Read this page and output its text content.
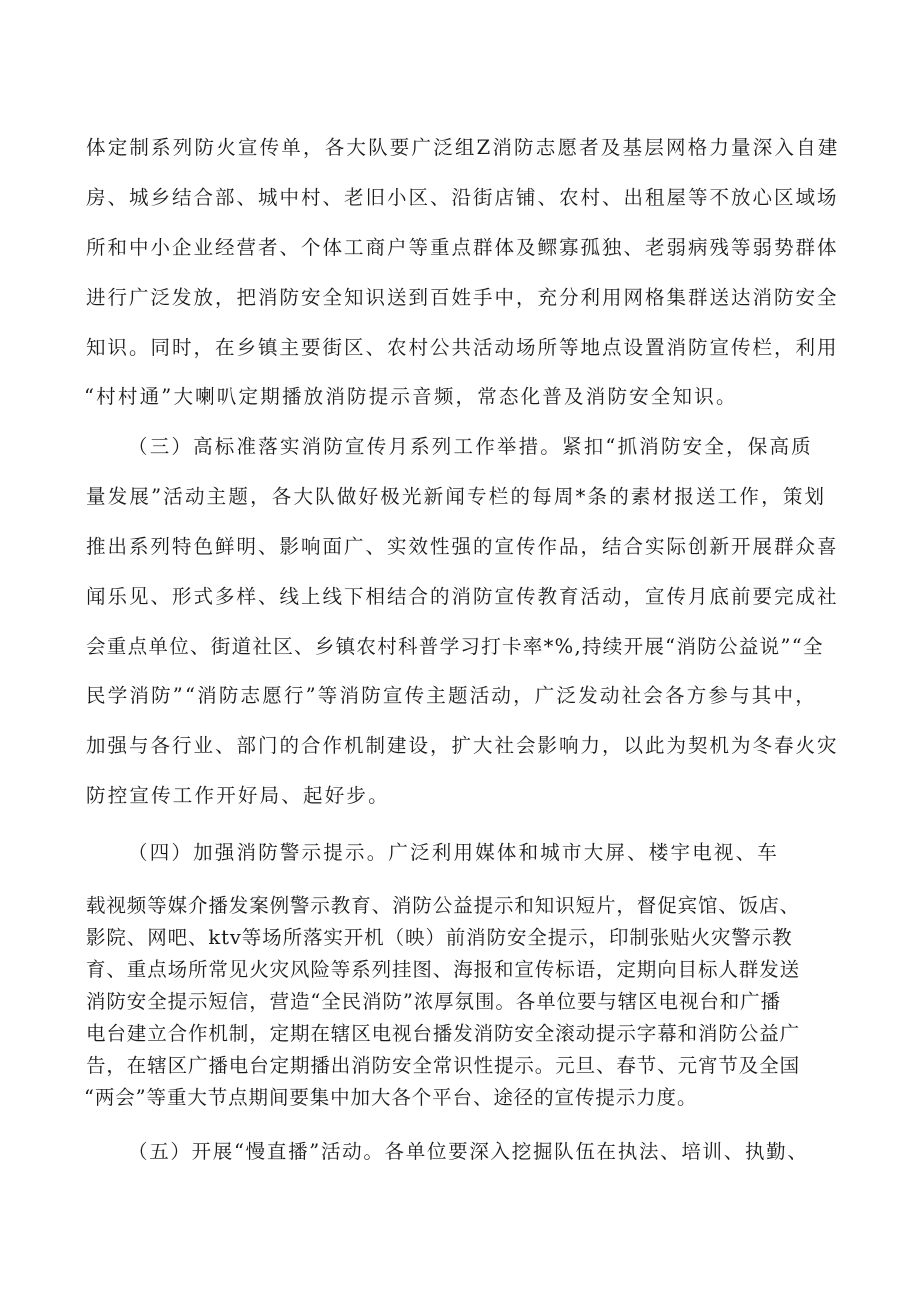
体定制系列防火宣传单，各大队要广泛组Z消防志愿者及基层网格力量深入自建
房、城乡结合部、城中村、老旧小区、沿街店铺、农村、出租屋等不放心区域场
所和中小企业经营者、个体工商户等重点群体及鳏寡孤独、老弱病残等弱势群体
进行广泛发放，把消防安全知识送到百姓手中，充分利用网格集群送达消防安全
知识。同时，在乡镇主要街区、农村公共活动场所等地点设置消防宣传栏，利用
“村村通”大喇叭定期播放消防提示音频，常态化普及消防安全知识。
（三）高标准落实消防宣传月系列工作举措。紧扣“抓消防安全，保高质
量发展”活动主题，各大队做好极光新闻专栏的每周*条的素材报送工作，策划
推出系列特色鲜明、影响面广、实效性强的宣传作品，结合实际创新开展群众喜
闻乐见、形式多样、线上线下相结合的消防宣传教育活动，宣传月底前要完成社
会重点单位、街道社区、乡镇农村科普学习打卡率*%,持续开展“消防公益说”“全
民学消防”“消防志愿行”等消防宣传主题活动，广泛发动社会各方参与其中，
加强与各行业、部门的合作机制建设，扩大社会影响力，以此为契机为冬春火灾
防控宣传工作开好局、起好步。
（四）加强消防警示提示。广泛利用媒体和城市大屏、楼宇电视、车
载视频等媒介播发案例警示教育、消防公益提示和知识短片，督促宾馆、饭店、
影院、网吧、ktv等场所落实开机（映）前消防安全提示，印制张贴火灾警示教
育、重点场所常见火灾风险等系列挂图、海报和宣传标语，定期向目标人群发送
消防安全提示短信，营造“全民消防”浓厚氛围。各单位要与辖区电视台和广播
电台建立合作机制，定期在辖区电视台播发消防安全滚动提示字幕和消防公益广
告，在辖区广播电台定期播出消防安全常识性提示。元旦、春节、元宵节及全国
“两会”等重大节点期间要集中加大各个平台、途径的宣传提示力度。
（五）开展“慢直播”活动。各单位要深入挖掘队伍在执法、培训、执勤、
